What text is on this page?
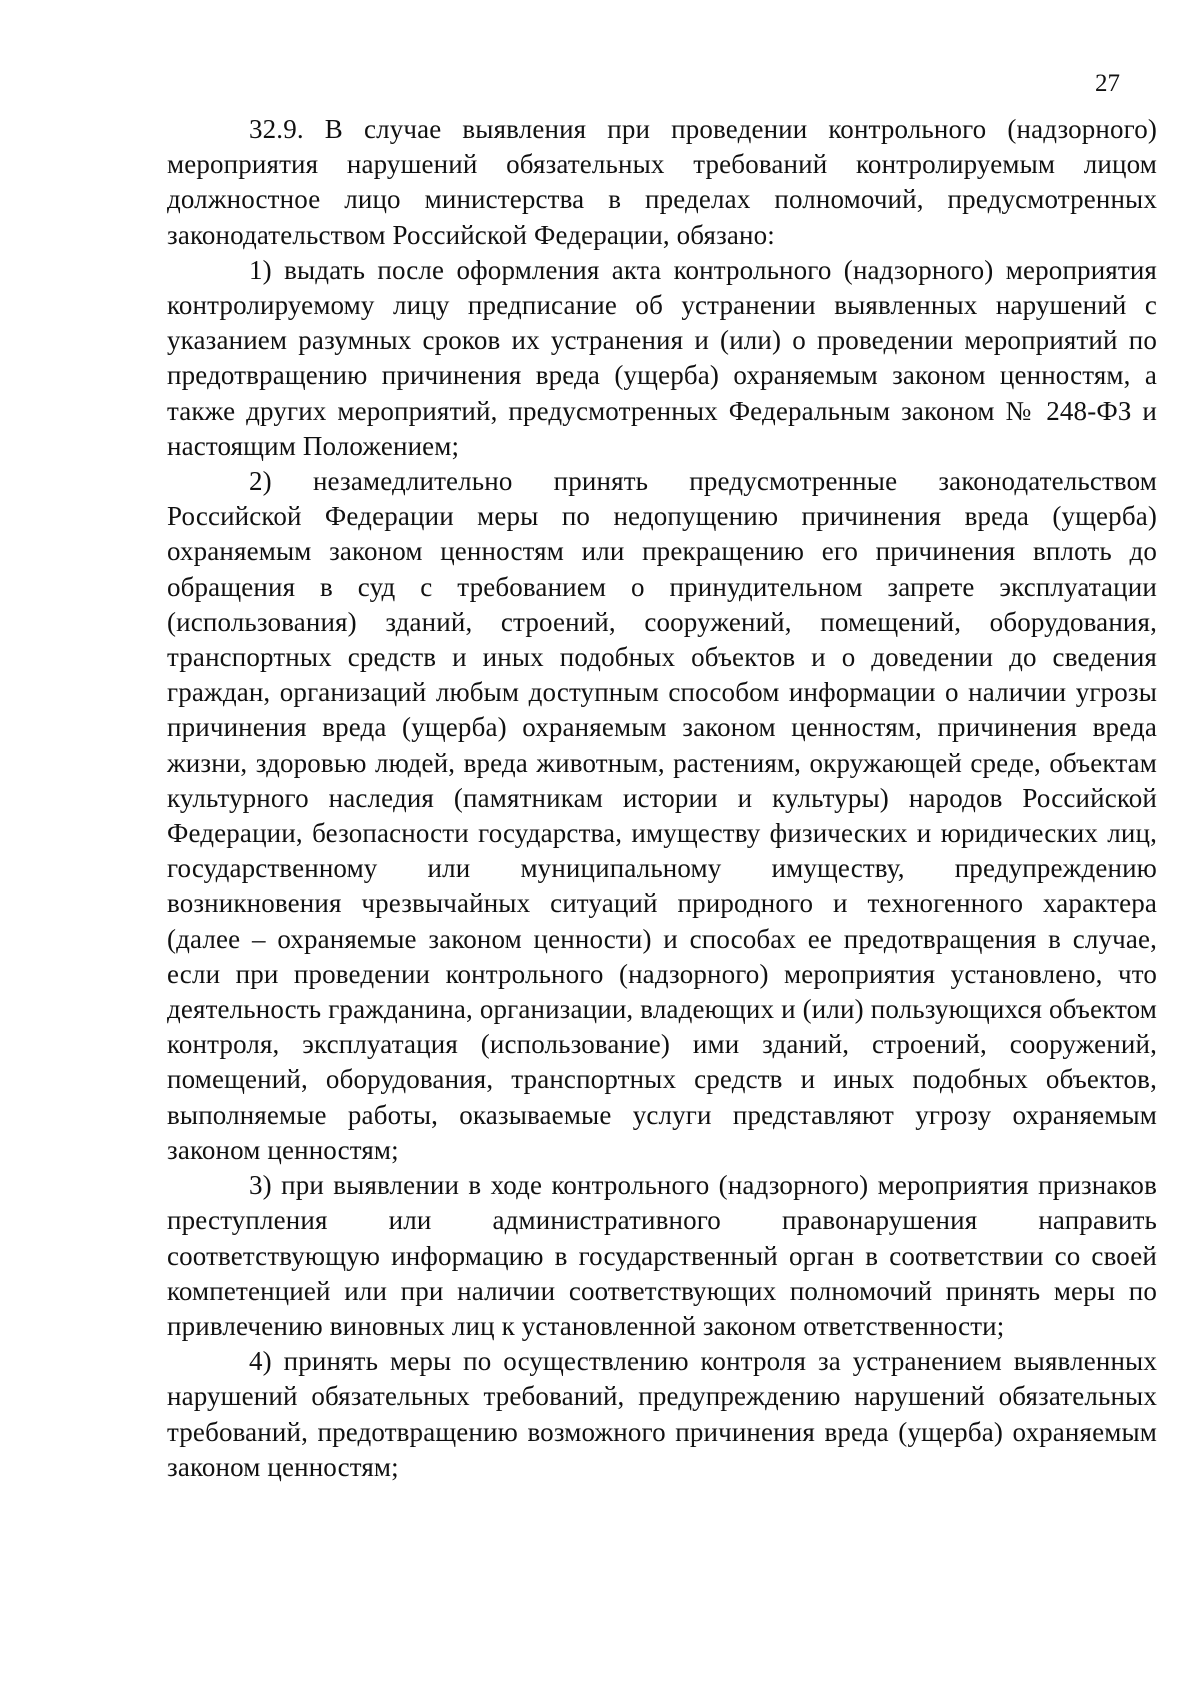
27

32.9. В случае выявления при проведении контрольного (надзорного) мероприятия нарушений обязательных требований контролируемым лицом должностное лицо министерства в пределах полномочий, предусмотренных законодательством Российской Федерации, обязано:

1) выдать после оформления акта контрольного (надзорного) мероприятия контролируемому лицу предписание об устранении выявленных нарушений с указанием разумных сроков их устранения и (или) о проведении мероприятий по предотвращению причинения вреда (ущерба) охраняемым законом ценностям, а также других мероприятий, предусмотренных Федеральным законом № 248-ФЗ и настоящим Положением;

2) незамедлительно принять предусмотренные законодательством Российской Федерации меры по недопущению причинения вреда (ущерба) охраняемым законом ценностям или прекращению его причинения вплоть до обращения в суд с требованием о принудительном запрете эксплуатации (использования) зданий, строений, сооружений, помещений, оборудования, транспортных средств и иных подобных объектов и о доведении до сведения граждан, организаций любым доступным способом информации о наличии угрозы причинения вреда (ущерба) охраняемым законом ценностям, причинения вреда жизни, здоровью людей, вреда животным, растениям, окружающей среде, объектам культурного наследия (памятникам истории и культуры) народов Российской Федерации, безопасности государства, имуществу физических и юридических лиц, государственному или муниципальному имуществу, предупреждению возникновения чрезвычайных ситуаций природного и техногенного характера (далее – охраняемые законом ценности) и способах ее предотвращения в случае, если при проведении контрольного (надзорного) мероприятия установлено, что деятельность гражданина, организации, владеющих и (или) пользующихся объектом контроля, эксплуатация (использование) ими зданий, строений, сооружений, помещений, оборудования, транспортных средств и иных подобных объектов, выполняемые работы, оказываемые услуги представляют угрозу охраняемым законом ценностям;

3) при выявлении в ходе контрольного (надзорного) мероприятия признаков преступления или административного правонарушения направить соответствующую информацию в государственный орган в соответствии со своей компетенцией или при наличии соответствующих полномочий принять меры по привлечению виновных лиц к установленной законом ответственности;

4) принять меры по осуществлению контроля за устранением выявленных нарушений обязательных требований, предупреждению нарушений обязательных требований, предотвращению возможного причинения вреда (ущерба) охраняемым законом ценностям;
